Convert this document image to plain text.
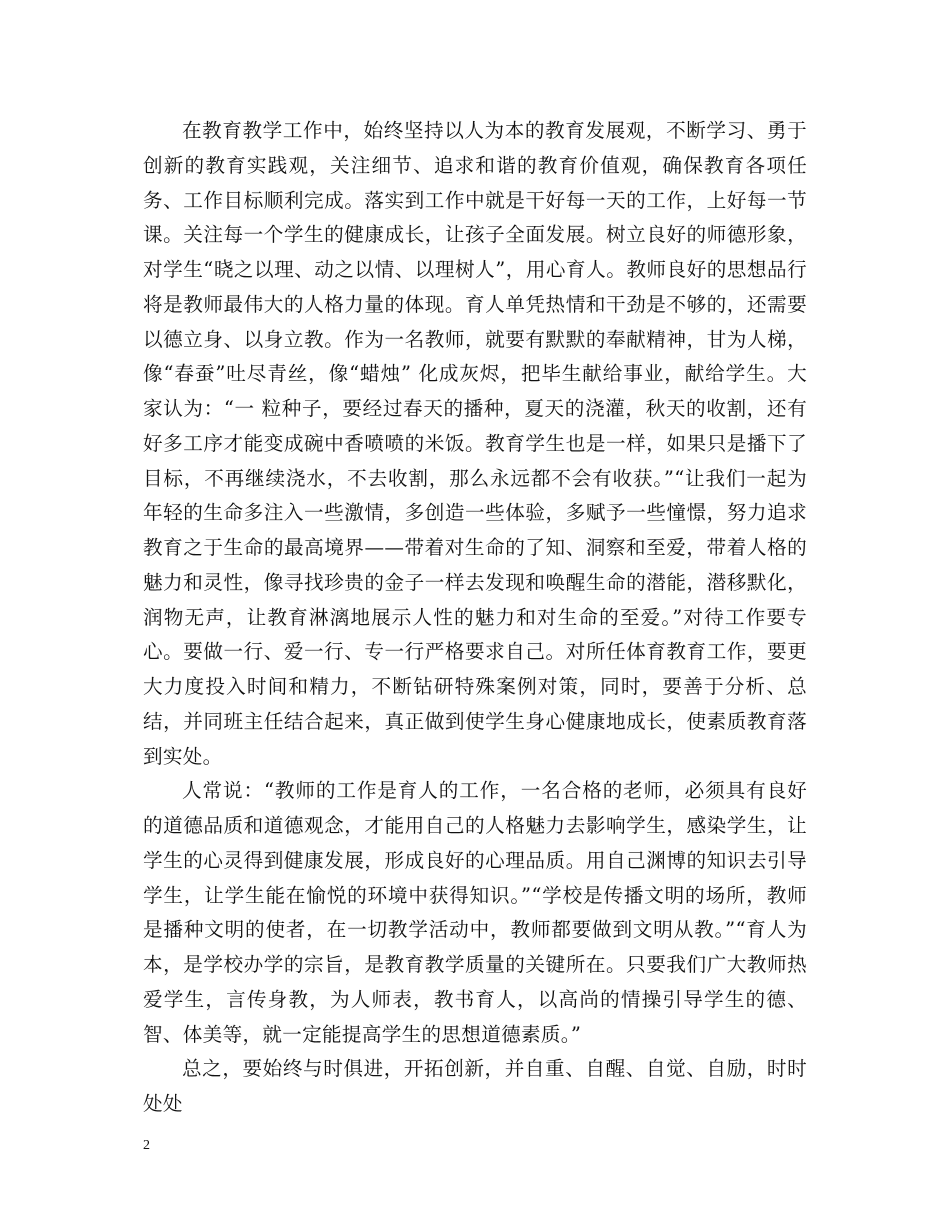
在教育教学工作中，始终坚持以人为本的教育发展观，不断学习、勇于创新的教育实践观，关注细节、追求和谐的教育价值观，确保教育各项任务、工作目标顺利完成。落实到工作中就是干好每一天的工作，上好每一节课。关注每一个学生的健康成长，让孩子全面发展。树立良好的师德形象，对学生“晓之以理、动之以情、以理树人”，用心育人。教师良好的思想品行将是教师最伟大的人格力量的体现。育人单凭热情和干劲是不够的，还需要以德立身、以身立教。作为一名教师，就要有默默的奉献精神，甘为人梯，像“春蚕”吐尽青丝，像“蜡烛” 化成灰烬，把毕生献给事业，献给学生。大家认为：“一 粒种子，要经过春天的播种，夏天的浇灌，秋天的收割，还有好多工序才能变成碗中香喷喷的米饭。教育学生也是一样，如果只是播下了目标，不再继续浇水，不去收割，那么永远都不会有收获。”“让我们一起为年轻的生命多注入一些激情，多创造一些体验，多赋予一些憧憬，努力追求教育之于生命的最高境界——带着对生命的了知、洞察和至爱，带着人格的魅力和灵性，像寻找珍贵的金子一样去发现和唤醒生命的潜能，潜移默化，润物无声，让教育淋漓地展示人性的魅力和对生命的至爱。”对待工作要专心。要做一行、爱一行、专一行严格要求自己。对所任体育教育工作，要更大力度投入时间和精力，不断钻研特殊案例对策，同时，要善于分析、总结，并同班主任结合起来，真正做到使学生身心健康地成长，使素质教育落到实处。

人常说：“教师的工作是育人的工作，一名合格的老师，必须具有良好的道德品质和道德观念，才能用自己的人格魅力去影响学生，感染学生，让学生的心灵得到健康发展，形成良好的心理品质。用自己渊博的知识去引导学生，让学生能在愉悦的环境中获得知识。”“学校是传播文明的场所，教师是播种文明的使者，在一切教学活动中，教师都要做到文明从教。”“育人为本，是学校办学的宗旨，是教育教学质量的关键所在。只要我们广大教师热爱学生，言传身教，为人师表，教书育人，以高尚的情操引导学生的德、智、体美等，就一定能提高学生的思想道德素质。”

总之，要始终与时俱进，开拓创新，并自重、自醒、自觉、自励，时时处处

2
